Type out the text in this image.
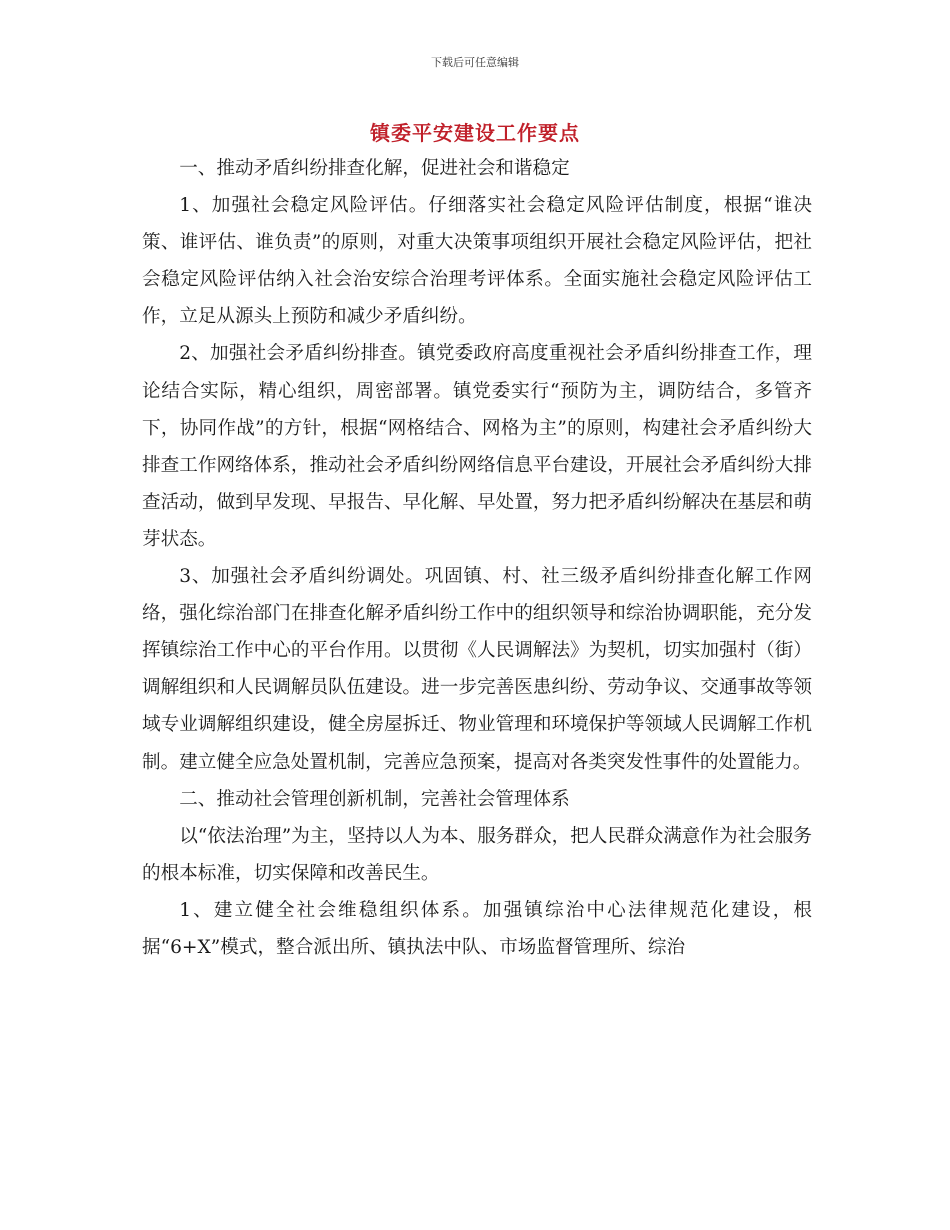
下载后可任意编辑
镇委平安建设工作要点

一、推动矛盾纠纷排查化解，促进社会和谐稳定

1、加强社会稳定风险评估。仔细落实社会稳定风险评估制度，根据“谁决策、谁评估、谁负责”的原则，对重大决策事项组织开展社会稳定风险评估，把社会稳定风险评估纳入社会治安综合治理考评体系。全面实施社会稳定风险评估工作，立足从源头上预防和减少矛盾纠纷。

2、加强社会矛盾纠纷排查。镇党委政府高度重视社会矛盾纠纷排查工作，理论结合实际，精心组织，周密部署。镇党委实行“预防为主，调防结合，多管齐下，协同作战”的方针，根据“网格结合、网格为主”的原则，构建社会矛盾纠纷大排查工作网络体系，推动社会矛盾纠纷网络信息平台建设，开展社会矛盾纠纷大排查活动，做到早发现、早报告、早化解、早处置，努力把矛盾纠纷解决在基层和萌芽状态。

3、加强社会矛盾纠纷调处。巩固镇、村、社三级矛盾纠纷排查化解工作网络，强化综治部门在排查化解矛盾纠纷工作中的组织领导和综治协调职能，充分发挥镇综治工作中心的平台作用。以贯彻《人民调解法》为契机，切实加强村（街）调解组织和人民调解员队伍建设。进一步完善医患纠纷、劳动争议、交通事故等领域专业调解组织建设，健全房屋拆迁、物业管理和环境保护等领域人民调解工作机制。建立健全应急处置机制，完善应急预案，提高对各类突发性事件的处置能力。

二、推动社会管理创新机制，完善社会管理体系

以“依法治理”为主，坚持以人为本、服务群众，把人民群众满意作为社会服务的根本标准，切实保障和改善民生。

1、建立健全社会维稳组织体系。加强镇综治中心法律规范化建设，根据“6+X”模式，整合派出所、镇执法中队、市场监督管理所、综治
